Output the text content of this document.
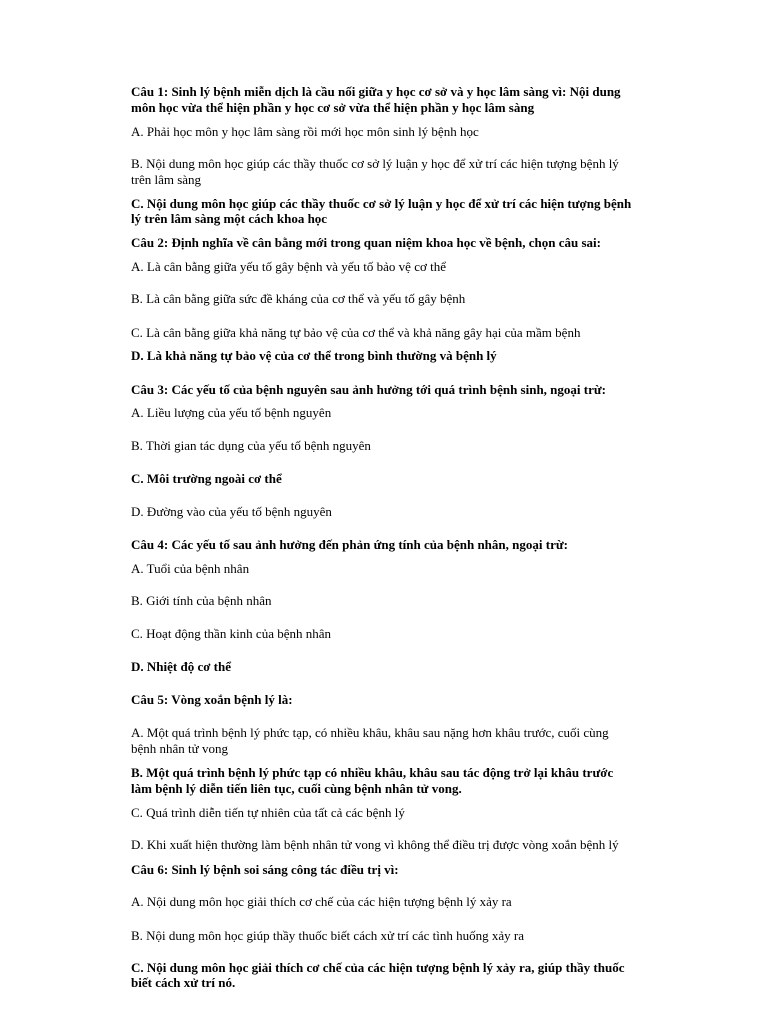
Câu 1: Sinh lý bệnh miễn dịch là cầu nối giữa y học cơ sở và y học lâm sàng vì: Nội dung
môn học vừa thể hiện phần y học cơ sở vừa thể hiện phần y học lâm sàng
A. Phải học môn y học lâm sàng rồi mới học môn sinh lý bệnh học
B. Nội dung môn học giúp các thầy thuốc cơ sở lý luận y học để xử trí các hiện tượng bệnh lý
trên lâm sàng
C. Nội dung môn học giúp các thầy thuốc cơ sở lý luận y học để xử trí các hiện tượng bệnh
lý trên lâm sàng một cách khoa học
Câu 2: Định nghĩa về cân bằng mới trong quan niệm khoa học về bệnh, chọn câu sai:
A. Là cân bằng giữa yếu tố gây bệnh và yếu tố bảo vệ cơ thể
B. Là cân bằng giữa sức đề kháng của cơ thể và yếu tố gây bệnh
C. Là cân bằng giữa khả năng tự bảo vệ của cơ thể và khả năng gây hại của mầm bệnh
D. Là khả năng tự bảo vệ của cơ thể trong bình thường và bệnh lý
Câu 3: Các yếu tố của bệnh nguyên sau ảnh hưởng tới quá trình bệnh sinh, ngoại trừ:
A. Liều lượng của yếu tố bệnh nguyên
B. Thời gian tác dụng của yếu tố bệnh nguyên
C. Môi trường ngoài cơ thể
D. Đường vào của yếu tố bệnh nguyên
Câu 4: Các yếu tố sau ảnh hưởng đến phản ứng tính của bệnh nhân, ngoại trừ:
A. Tuổi của bệnh nhân
B. Giới tính của bệnh nhân
C. Hoạt động thần kinh của bệnh nhân
D. Nhiệt độ cơ thể
Câu 5: Vòng xoắn bệnh lý là:
A. Một quá trình bệnh lý phức tạp, có nhiều khâu, khâu sau nặng hơn khâu trước, cuối cùng
bệnh nhân tử vong
B. Một quá trình bệnh lý phức tạp có nhiều khâu, khâu sau tác động trở lại khâu trước
làm bệnh lý diễn tiến liên tục, cuối cùng bệnh nhân tử vong.
C. Quá trình diễn tiến tự nhiên của tất cả các bệnh lý
D. Khi xuất hiện thường làm bệnh nhân tử vong vì không thể điều trị được vòng xoắn bệnh lý
Câu 6: Sinh lý bệnh soi sáng công tác điều trị vì:
A. Nội dung môn học giải thích cơ chế của các hiện tượng bệnh lý xảy ra
B. Nội dung môn học giúp thầy thuốc biết cách xử trí các tình huống xảy ra
C. Nội dung môn học giải thích cơ chế của các hiện tượng bệnh lý xảy ra, giúp thầy thuốc
biết cách xử trí nó.
